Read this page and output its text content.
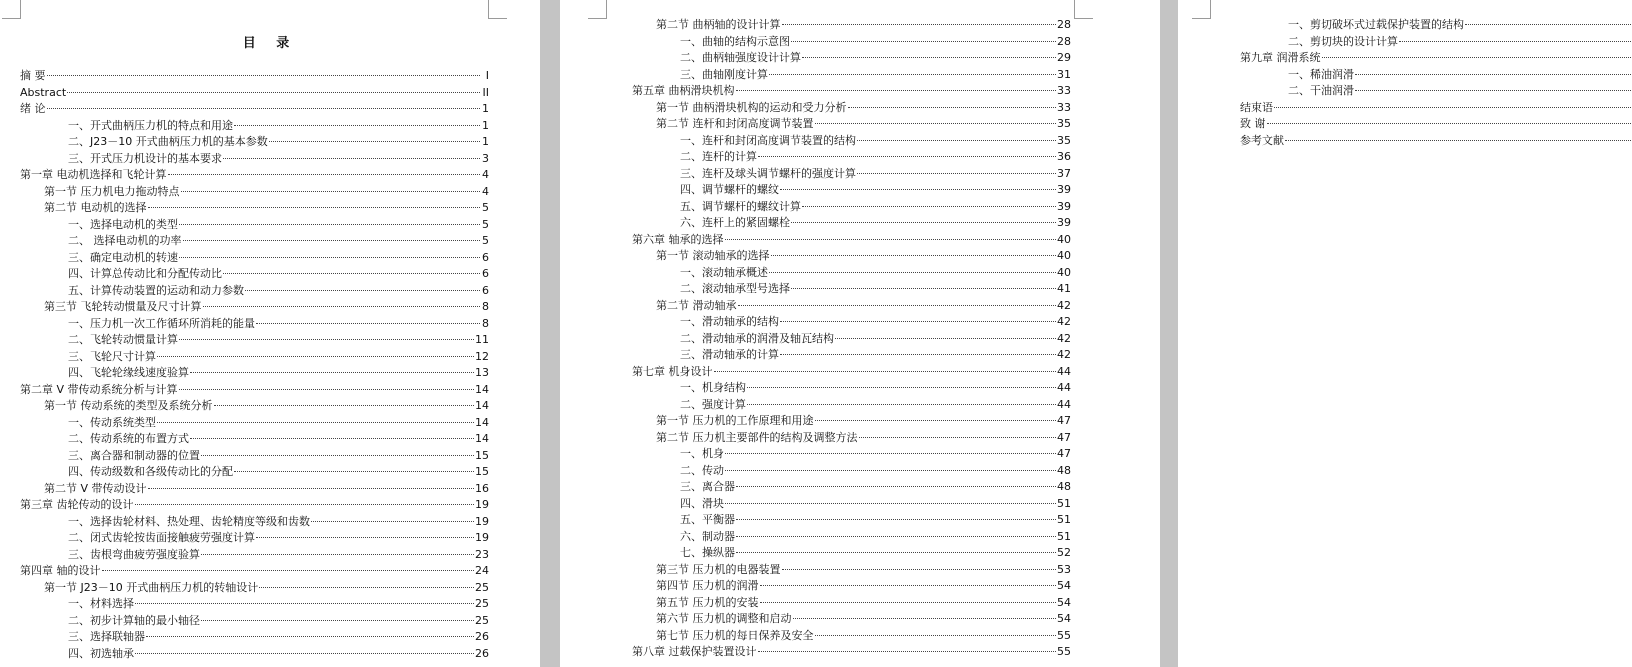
目 录
摘 要	I
Abstract	II
绪 论	1
一、开式曲柄压力机的特点和用途	1
二、J23－10 开式曲柄压力机的基本参数	1
三、开式压力机设计的基本要求	3
第一章 电动机选择和飞轮计算	4
第一节 压力机电力拖动特点	4
第二节 电动机的选择	5
一、选择电动机的类型	5
二、 选择电动机的功率	5
三、确定电动机的转速	6
四、计算总传动比和分配传动比	6
五、计算传动装置的运动和动力参数	6
第三节 飞轮转动惯量及尺寸计算	8
一、压力机一次工作循环所消耗的能量	8
二、飞轮转动惯量计算	11
三、飞轮尺寸计算	12
四、飞轮轮缘线速度验算	13
第二章 V 带传动系统分析与计算	14
第一节 传动系统的类型及系统分析	14
一、传动系统类型	14
二、传动系统的布置方式	14
三、离合器和制动器的位置	15
四、传动级数和各级传动比的分配	15
第二节 V 带传动设计	16
第三章 齿轮传动的设计	19
一、选择齿轮材料、热处理、齿轮精度等级和齿数	19
二、闭式齿轮按齿面接触疲劳强度计算	19
三、齿根弯曲疲劳强度验算	23
第四章 轴的设计	24
第一节 J23－10 开式曲柄压力机的转轴设计	25
一、材料选择	25
二、初步计算轴的最小轴径	25
三、选择联轴器	26
四、初选轴承	26
第二节 曲柄轴的设计计算	28
一、曲轴的结构示意图	28
二、曲柄轴强度设计计算	29
三、曲轴刚度计算	31
第五章 曲柄滑块机构	33
第一节 曲柄滑块机构的运动和受力分析	33
第二节 连杆和封闭高度调节装置	35
一、连杆和封闭高度调节装置的结构	35
二、连杆的计算	36
三、连杆及球头调节螺杆的强度计算	37
四、调节螺杆的螺纹	39
五、调节螺杆的螺纹计算	39
六、连杆上的紧固螺栓	39
第六章 轴承的选择	40
第一节 滚动轴承的选择	40
一、滚动轴承概述	40
二、滚动轴承型号选择	41
第二节 滑动轴承	42
一、滑动轴承的结构	42
二、滑动轴承的润滑及轴瓦结构	42
三、滑动轴承的计算	42
第七章 机身设计	44
一、机身结构	44
二、强度计算	44
第一节 压力机的工作原理和用途	47
第二节 压力机主要部件的结构及调整方法	47
一、机身	47
二、传动	48
三、离合器	48
四、滑块	51
五、平衡器	51
六、制动器	51
七、操纵器	52
第三节 压力机的电器装置	53
第四节 压力机的润滑	54
第五节 压力机的安装	54
第六节 压力机的调整和启动	54
第七节 压力机的每日保养及安全	55
第八章 过载保护装置设计	55
一、剪切破坏式过载保护装置的结构
二、剪切块的设计计算
第九章 润滑系统
一、稀油润滑
二、干油润滑
结束语
致 谢
参考文献
